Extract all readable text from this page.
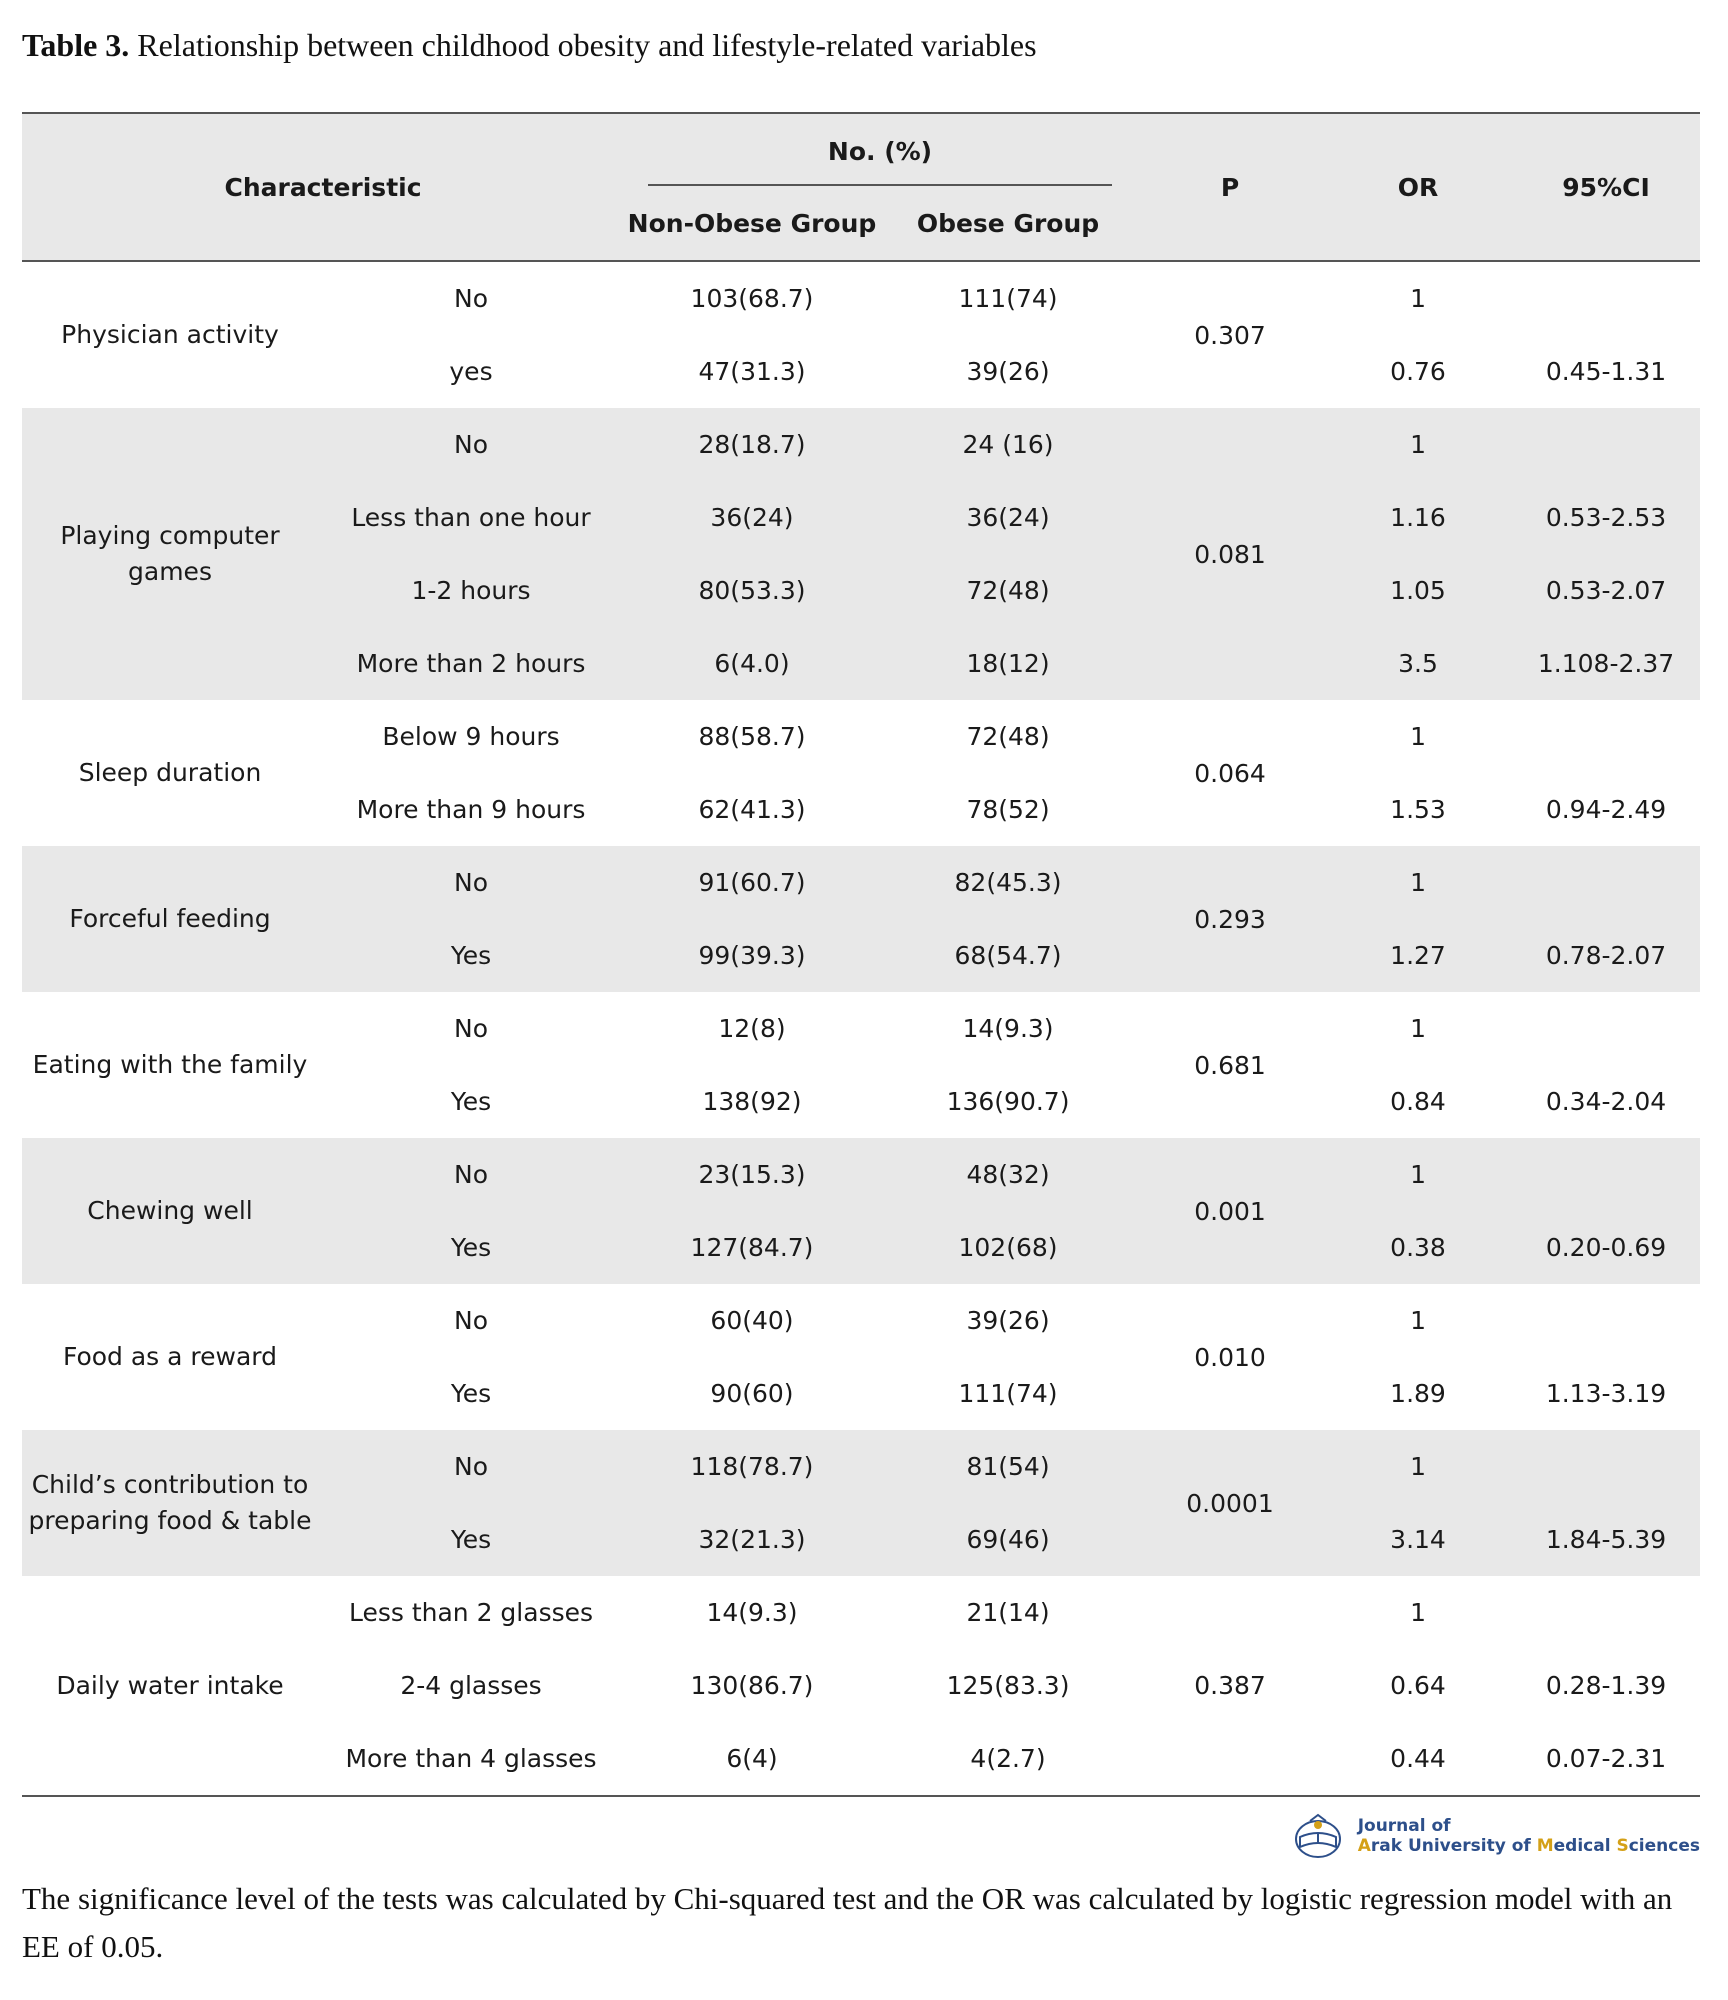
Table 3. Relationship between childhood obesity and lifestyle-related variables
Characteristic		No. (%)		P	OR	95%CI
		Non-Obese Group	Obese Group			
Physician activity	No	103(68.7)	111(74)	0.307	1	
	yes	47(31.3)	39(26)		0.76	0.45-1.31
Playing computer games	No	28(18.7)	24 (16)	0.081	1	
	Less than one hour	36(24)	36(24)		1.16	0.53-2.53
	1-2 hours	80(53.3)	72(48)		1.05	0.53-2.07
	More than 2 hours	6(4.0)	18(12)		3.5	1.108-2.37
Sleep duration	Below 9 hours	88(58.7)	72(48)	0.064	1	
	More than 9 hours	62(41.3)	78(52)		1.53	0.94-2.49
Forceful feeding	No	91(60.7)	82(45.3)	0.293	1	
	Yes	99(39.3)	68(54.7)		1.27	0.78-2.07
Eating with the family	No	12(8)	14(9.3)	0.681	1	
	Yes	138(92)	136(90.7)		0.84	0.34-2.04
Chewing well	No	23(15.3)	48(32)	0.001	1	
	Yes	127(84.7)	102(68)		0.38	0.20-0.69
Food as a reward	No	60(40)	39(26)	0.010	1	
	Yes	90(60)	111(74)		1.89	1.13-3.19
Child’s contribution to preparing food & table	No	118(78.7)	81(54)	0.0001	1	
	Yes	32(21.3)	69(46)		3.14	1.84-5.39
Daily water intake	Less than 2 glasses	14(9.3)	21(14)	0.387	1	
	2-4 glasses	130(86.7)	125(83.3)		0.64	0.28-1.39
	More than 4 glasses	6(4)	4(2.7)		0.44	0.07-2.31
Journal of
Arak University of Medical Sciences
The significance level of the tests was calculated by Chi-squared test and the OR was calculated by logistic regression model with an EE of 0.05.
